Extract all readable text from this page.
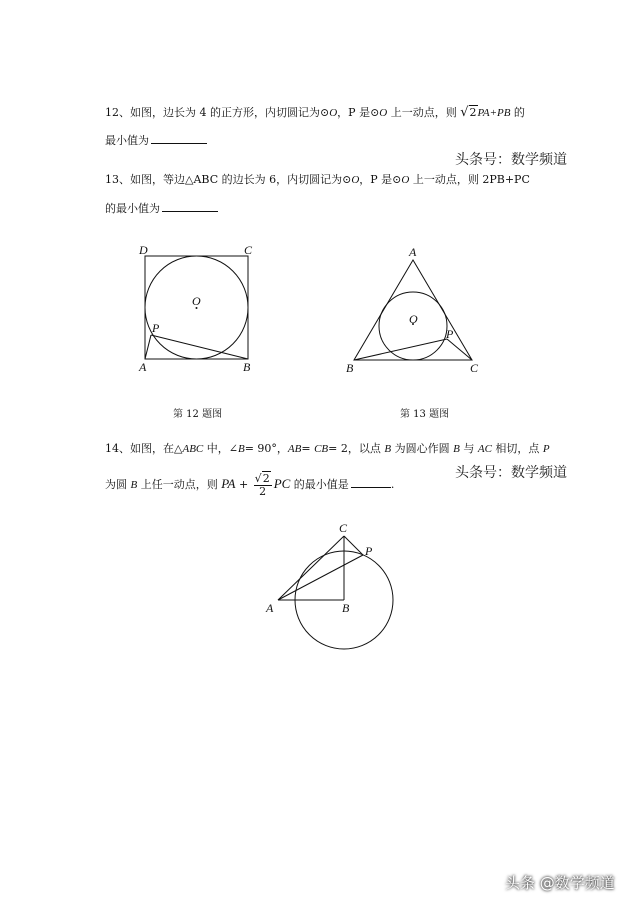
12、如图，边长为 4 的正方形，内切圆记为⊙O，P 是⊙O 上一动点，则 √2PA+PB 的
最小值为
头条号：数学频道
13、如图，等边△ABC 的边长为 6，内切圆记为⊙O，P 是⊙O 上一动点，则 2PB+PC
的最小值为
D	C
O
P
A	B
A
O
P
B	C
第 12 题图	第 13 题图
14、如图，在△ABC 中，∠B= 90°，AB= CB= 2，以点 B 为圆心作圆 B 与 AC 相切，点 P
头条号：数学频道
为圆 B 上任一动点，则 PA + $\frac{√2}{2}$ PC 的最小值是	.
C
P
A	B
头条 @数学频道
